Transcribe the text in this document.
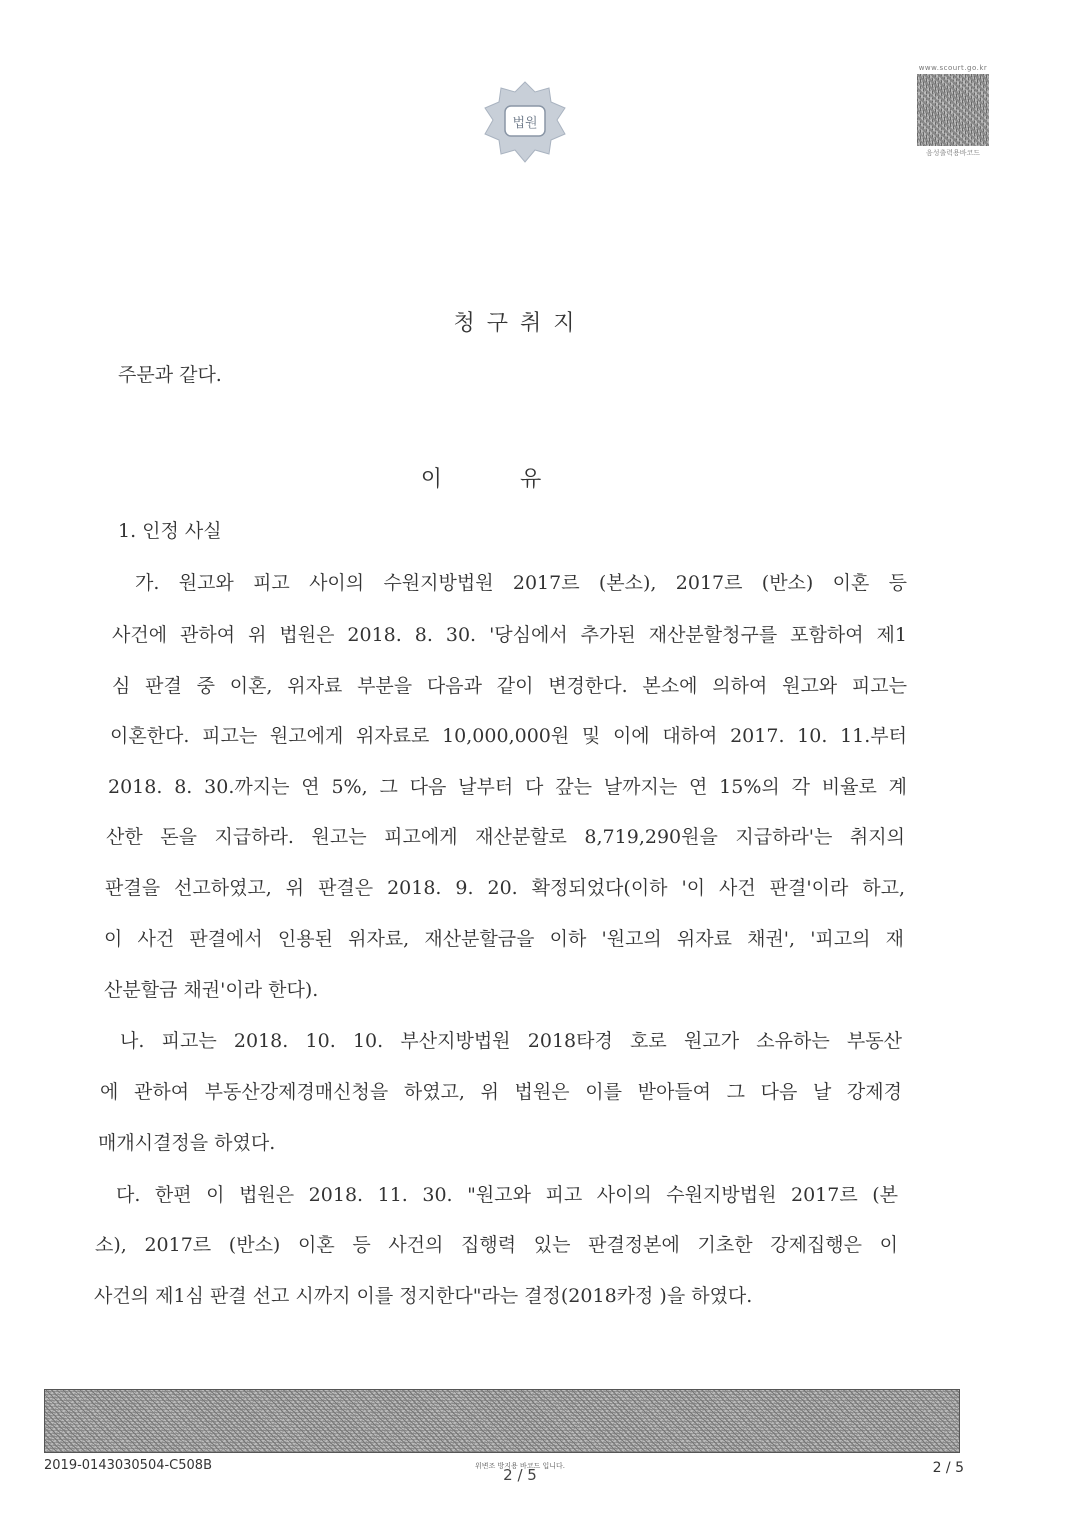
법원
www.scourt.go.kr
음성출력용바코드
청구취지
주문과 같다.
이유
1. 인정 사실
가. 원고와 피고 사이의 수원지방법원 2017르 (본소), 2017르 (반소) 이혼 등
사건에 관하여 위 법원은 2018. 8. 30. '당심에서 추가된 재산분할청구를 포함하여 제1
심 판결 중 이혼, 위자료 부분을 다음과 같이 변경한다. 본소에 의하여 원고와 피고는
이혼한다. 피고는 원고에게 위자료로 10,000,000원 및 이에 대하여 2017. 10. 11.부터
2018. 8. 30.까지는 연 5%, 그 다음 날부터 다 갚는 날까지는 연 15%의 각 비율로 계
산한 돈을 지급하라. 원고는 피고에게 재산분할로 8,719,290원을 지급하라'는 취지의
판결을 선고하였고, 위 판결은 2018. 9. 20. 확정되었다(이하 '이 사건 판결'이라 하고,
이 사건 판결에서 인용된 위자료, 재산분할금을 이하 '원고의 위자료 채권', '피고의 재
산분할금 채권'이라 한다).
나. 피고는 2018. 10. 10. 부산지방법원 2018타경 호로 원고가 소유하는 부동산
에 관하여 부동산강제경매신청을 하였고, 위 법원은 이를 받아들여 그 다음 날 강제경
매개시결정을 하였다.
다. 한편 이 법원은 2018. 11. 30. "원고와 피고 사이의 수원지방법원 2017르 (본
소), 2017르 (반소) 이혼 등 사건의 집행력 있는 판결정본에 기초한 강제집행은 이
사건의 제1심 판결 선고 시까지 이를 정지한다"라는 결정(2018카정 )을 하였다.
2019-0143030504-C508B	위변조 방지용 바코드 입니다.
2 / 5	2 / 5
